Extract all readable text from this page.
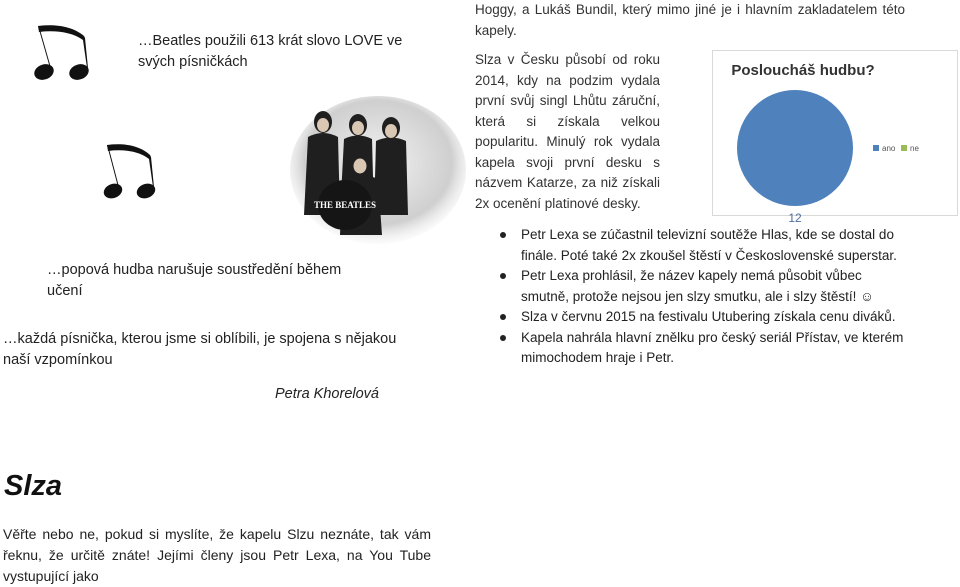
…Beatles použili 613 krát slovo LOVE ve svých písničkách
…popová hudba narušuje soustředění během učení
…každá písnička, kterou jsme si oblíbili, je spojena s nějakou naší vzpomínkou
THE BEATLES
Hoggy, a Lukáš Bundil, který mimo jiné je i hlavním zakladatelem této kapely.
Slza v Česku působí od roku 2014, kdy na podzim vydala první svůj singl Lhůtu záruční, která si získala velkou popularitu. Minulý rok vydala kapela svoji první desku s názvem Katarze, za niž získali 2x ocenění platinové desky.
Posloucháš hudbu?
12
ano ne
Petr Lexa se zúčastnil televizní soutěže Hlas, kde se dostal do finále. Poté také 2x zkoušel štěstí v Československé superstar.
Petr Lexa prohlásil, že název kapely nemá působit vůbec smutně, protože nejsou jen slzy smutku, ale i slzy štěstí! ☺
Slza v červnu 2015 na festivalu Utubering získala cenu diváků.
Kapela nahrála hlavní znělku pro český seriál Přístav, ve kterém mimochodem hraje i Petr.
Petra Khorelová
Slza
Věřte nebo ne, pokud si myslíte, že kapelu Slzu neznáte, tak vám řeknu, že určitě znáte! Jejími členy jsou Petr Lexa, na You Tube vystupující jako
